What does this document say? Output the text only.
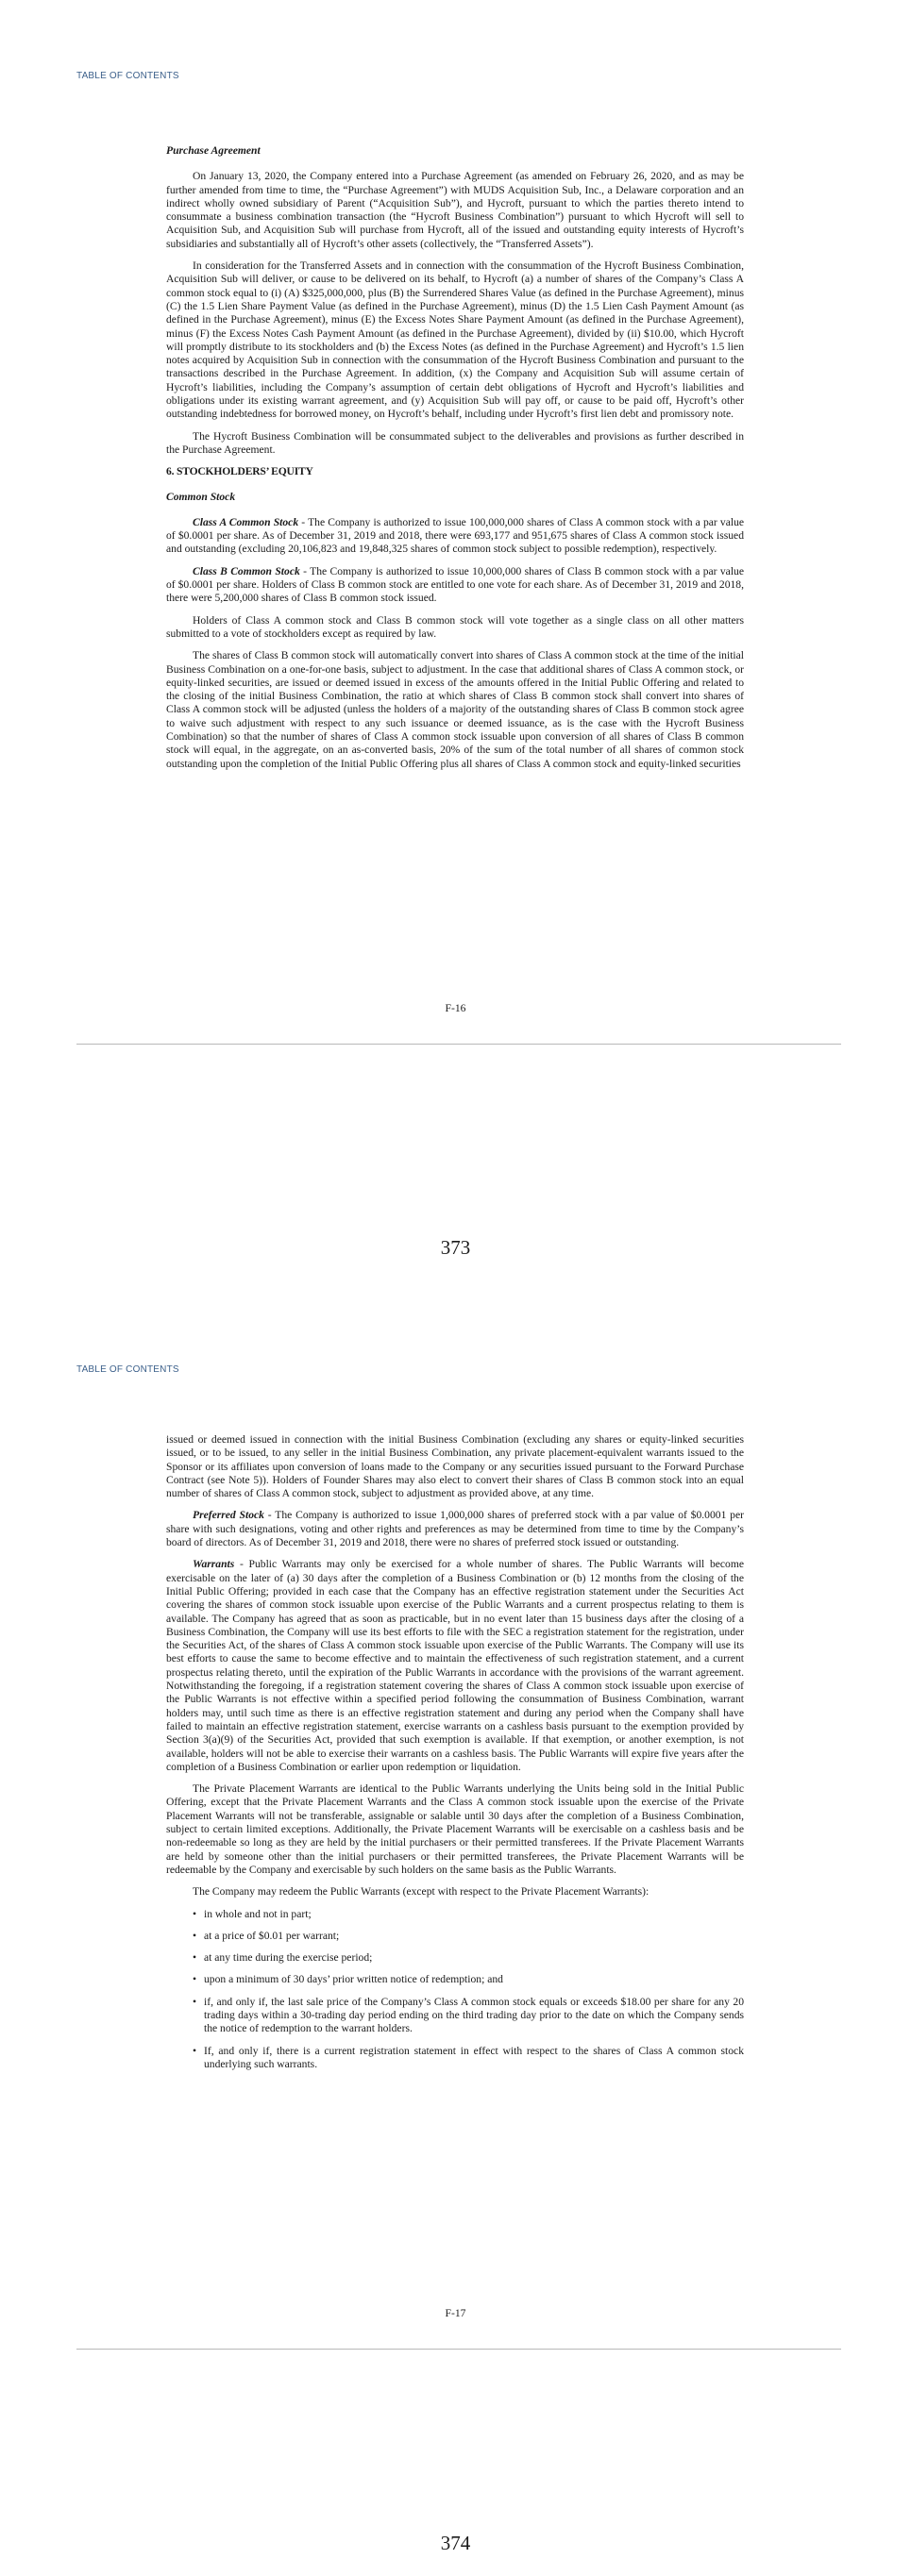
TABLE OF CONTENTS
Purchase Agreement

On January 13, 2020, the Company entered into a Purchase Agreement (as amended on February 26, 2020, and as may be further amended from time to time, the “Purchase Agreement”) with MUDS Acquisition Sub, Inc., a Delaware corporation and an indirect wholly owned subsidiary of Parent (“Acquisition Sub”), and Hycroft, pursuant to which the parties thereto intend to consummate a business combination transaction (the “Hycroft Business Combination”) pursuant to which Hycroft will sell to Acquisition Sub, and Acquisition Sub will purchase from Hycroft, all of the issued and outstanding equity interests of Hycroft’s subsidiaries and substantially all of Hycroft’s other assets (collectively, the “Transferred Assets”).

In consideration for the Transferred Assets and in connection with the consummation of the Hycroft Business Combination, Acquisition Sub will deliver, or cause to be delivered on its behalf, to Hycroft (a) a number of shares of the Company’s Class A common stock equal to (i) (A) $325,000,000, plus (B) the Surrendered Shares Value (as defined in the Purchase Agreement), minus (C) the 1.5 Lien Share Payment Value (as defined in the Purchase Agreement), minus (D) the 1.5 Lien Cash Payment Amount (as defined in the Purchase Agreement), minus (E) the Excess Notes Share Payment Amount (as defined in the Purchase Agreement), minus (F) the Excess Notes Cash Payment Amount (as defined in the Purchase Agreement), divided by (ii) $10.00, which Hycroft will promptly distribute to its stockholders and (b) the Excess Notes (as defined in the Purchase Agreement) and Hycroft’s 1.5 lien notes acquired by Acquisition Sub in connection with the consummation of the Hycroft Business Combination and pursuant to the transactions described in the Purchase Agreement. In addition, (x) the Company and Acquisition Sub will assume certain of Hycroft’s liabilities, including the Company’s assumption of certain debt obligations of Hycroft and Hycroft’s liabilities and obligations under its existing warrant agreement, and (y) Acquisition Sub will pay off, or cause to be paid off, Hycroft’s other outstanding indebtedness for borrowed money, on Hycroft’s behalf, including under Hycroft’s first lien debt and promissory note.

The Hycroft Business Combination will be consummated subject to the deliverables and provisions as further described in the Purchase Agreement.

6. STOCKHOLDERS’ EQUITY
Common Stock

Class A Common Stock - The Company is authorized to issue 100,000,000 shares of Class A common stock with a par value of $0.0001 per share. As of December 31, 2019 and 2018, there were 693,177 and 951,675 shares of Class A common stock issued and outstanding (excluding 20,106,823 and 19,848,325 shares of common stock subject to possible redemption), respectively.

Class B Common Stock - The Company is authorized to issue 10,000,000 shares of Class B common stock with a par value of $0.0001 per share. Holders of Class B common stock are entitled to one vote for each share. As of December 31, 2019 and 2018, there were 5,200,000 shares of Class B common stock issued.

Holders of Class A common stock and Class B common stock will vote together as a single class on all other matters submitted to a vote of stockholders except as required by law.

The shares of Class B common stock will automatically convert into shares of Class A common stock at the time of the initial Business Combination on a one-for-one basis, subject to adjustment. In the case that additional shares of Class A common stock, or equity-linked securities, are issued or deemed issued in excess of the amounts offered in the Initial Public Offering and related to the closing of the initial Business Combination, the ratio at which shares of Class B common stock shall convert into shares of Class A common stock will be adjusted (unless the holders of a majority of the outstanding shares of Class B common stock agree to waive such adjustment with respect to any such issuance or deemed issuance, as is the case with the Hycroft Business Combination) so that the number of shares of Class A common stock issuable upon conversion of all shares of Class B common stock will equal, in the aggregate, on an as-converted basis, 20% of the sum of the total number of all shares of common stock outstanding upon the completion of the Initial Public Offering plus all shares of Class A common stock and equity-linked securities

F-16
373
TABLE OF CONTENTS

issued or deemed issued in connection with the initial Business Combination (excluding any shares or equity-linked securities issued, or to be issued, to any seller in the initial Business Combination, any private placement-equivalent warrants issued to the Sponsor or its affiliates upon conversion of loans made to the Company or any securities issued pursuant to the Forward Purchase Contract (see Note 5)). Holders of Founder Shares may also elect to convert their shares of Class B common stock into an equal number of shares of Class A common stock, subject to adjustment as provided above, at any time.

Preferred Stock - The Company is authorized to issue 1,000,000 shares of preferred stock with a par value of $0.0001 per share with such designations, voting and other rights and preferences as may be determined from time to time by the Company’s board of directors. As of December 31, 2019 and 2018, there were no shares of preferred stock issued or outstanding.

Warrants - Public Warrants may only be exercised for a whole number of shares. The Public Warrants will become exercisable on the later of (a) 30 days after the completion of a Business Combination or (b) 12 months from the closing of the Initial Public Offering; provided in each case that the Company has an effective registration statement under the Securities Act covering the shares of common stock issuable upon exercise of the Public Warrants and a current prospectus relating to them is available. The Company has agreed that as soon as practicable, but in no event later than 15 business days after the closing of a Business Combination, the Company will use its best efforts to file with the SEC a registration statement for the registration, under the Securities Act, of the shares of Class A common stock issuable upon exercise of the Public Warrants. The Company will use its best efforts to cause the same to become effective and to maintain the effectiveness of such registration statement, and a current prospectus relating thereto, until the expiration of the Public Warrants in accordance with the provisions of the warrant agreement. Notwithstanding the foregoing, if a registration statement covering the shares of Class A common stock issuable upon exercise of the Public Warrants is not effective within a specified period following the consummation of Business Combination, warrant holders may, until such time as there is an effective registration statement and during any period when the Company shall have failed to maintain an effective registration statement, exercise warrants on a cashless basis pursuant to the exemption provided by Section 3(a)(9) of the Securities Act, provided that such exemption is available. If that exemption, or another exemption, is not available, holders will not be able to exercise their warrants on a cashless basis. The Public Warrants will expire five years after the completion of a Business Combination or earlier upon redemption or liquidation.

The Private Placement Warrants are identical to the Public Warrants underlying the Units being sold in the Initial Public Offering, except that the Private Placement Warrants and the Class A common stock issuable upon the exercise of the Private Placement Warrants will not be transferable, assignable or salable until 30 days after the completion of a Business Combination, subject to certain limited exceptions. Additionally, the Private Placement Warrants will be exercisable on a cashless basis and be non-redeemable so long as they are held by the initial purchasers or their permitted transferees. If the Private Placement Warrants are held by someone other than the initial purchasers or their permitted transferees, the Private Placement Warrants will be redeemable by the Company and exercisable by such holders on the same basis as the Public Warrants.

The Company may redeem the Public Warrants (except with respect to the Private Placement Warrants):

• in whole and not in part;
• at a price of $0.01 per warrant;
• at any time during the exercise period;
• upon a minimum of 30 days’ prior written notice of redemption; and
• if, and only if, the last sale price of the Company’s Class A common stock equals or exceeds $18.00 per share for any 20 trading days within a 30-trading day period ending on the third trading day prior to the date on which the Company sends the notice of redemption to the warrant holders.
• If, and only if, there is a current registration statement in effect with respect to the shares of Class A common stock underlying such warrants.
F-17
374
